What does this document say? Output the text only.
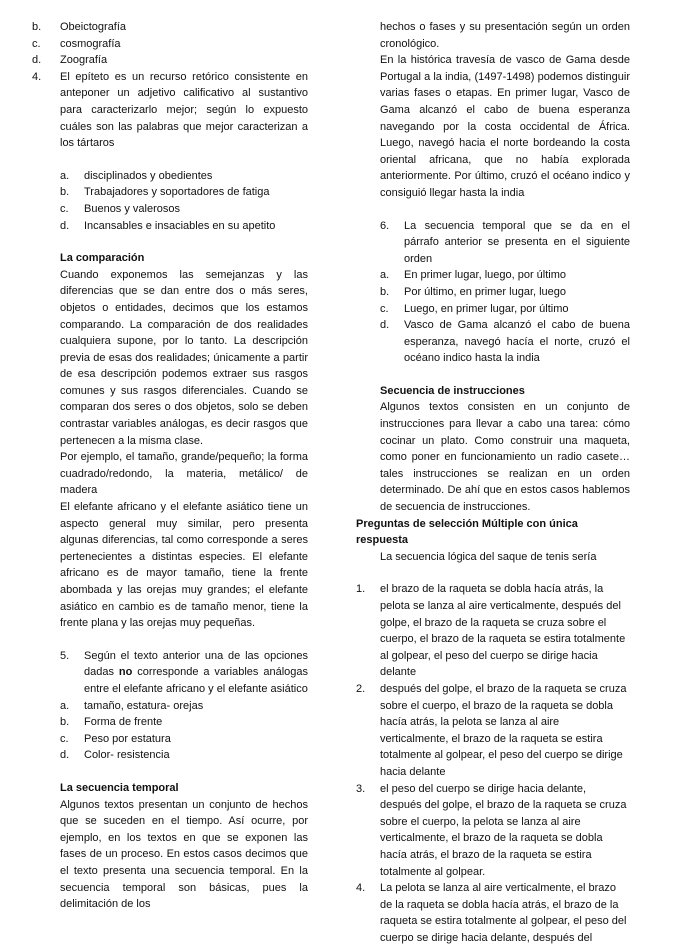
b. Obeictografía
c. cosmografía
d. Zoografía
4. El epíteto es un recurso retórico consistente en anteponer un adjetivo calificativo al sustantivo para caracterizarlo mejor; según lo expuesto cuáles son las palabras que mejor caracterizan a los tártaros
a. disciplinados y obedientes
b. Trabajadores y soportadores de fatiga
c. Buenos y valerosos
d. Incansables e insaciables en su apetito
La comparación

Cuando exponemos las semejanzas y las diferencias que se dan entre dos o más seres, objetos o entidades, decimos que los estamos comparando. La comparación de dos realidades cualquiera supone, por lo tanto. La descripción previa de esas dos realidades; únicamente a partir de esa descripción podemos extraer sus rasgos comunes y sus rasgos diferenciales. Cuando se comparan dos seres o dos objetos, solo se deben contrastar variables análogas, es decir rasgos que pertenecen a la misma clase.

Por ejemplo, el tamaño, grande/pequeño; la forma cuadrado/redondo, la materia, metálico/ de madera

El elefante africano y el elefante asiático tiene un aspecto general muy similar, pero presenta algunas diferencias, tal como corresponde a seres pertenecientes a distintas especies. El elefante africano es de mayor tamaño, tiene la frente abombada y las orejas muy grandes; el elefante asiático en cambio es de tamaño menor, tiene la frente plana y las orejas muy pequeñas.

5. Según el texto anterior una de las opciones dadas no corresponde a variables análogas entre el elefante africano y el elefante asiático
a. tamaño, estatura- orejas
b. Forma de frente
c. Peso por estatura
d. Color- resistencia
La secuencia temporal

Algunos textos presentan un conjunto de hechos que se suceden en el tiempo. Así ocurre, por ejemplo, en los textos en que se exponen las fases de un proceso. En estos casos decimos que el texto presenta una secuencia temporal. En la secuencia temporal son básicas, pues la delimitación de los

hechos o fases y su presentación según un orden cronológico.

En la histórica travesía de vasco de Gama desde Portugal a la india, (1497-1498) podemos distinguir varias fases o etapas. En primer lugar, Vasco de Gama alcanzó el cabo de buena esperanza navegando por la costa occidental de África. Luego, navegó hacia el norte bordeando la costa oriental africana, que no había explorada anteriormente. Por último, cruzó el océano indico y consiguió llegar hasta la india

6. La secuencia temporal que se da en el párrafo anterior se presenta en el siguiente orden
a. En primer lugar, luego, por último
b. Por último, en primer lugar, luego
c. Luego, en primer lugar, por último
d. Vasco de Gama alcanzó el cabo de buena esperanza, navegó hacía el norte, cruzó el océano indico hasta la india
Secuencia de instrucciones

Algunos textos consisten en un conjunto de instrucciones para llevar a cabo una tarea: cómo cocinar un plato. Como construir una maqueta, como poner en funcionamiento un radio casete… tales instrucciones se realizan en un orden determinado. De ahí que en estos casos hablemos de secuencia de instrucciones.

Preguntas de selección Múltiple con única respuesta

La secuencia lógica del saque de tenis sería

1. el brazo de la raqueta se dobla hacía atrás, la pelota se lanza al aire verticalmente, después del golpe, el brazo de la raqueta se cruza sobre el cuerpo, el brazo de la raqueta se estira totalmente al golpear, el peso del cuerpo se dirige hacia delante
2. después del golpe, el brazo de la raqueta se cruza sobre el cuerpo, el brazo de la raqueta se dobla hacía atrás, la pelota se lanza al aire verticalmente, el brazo de la raqueta se estira totalmente al golpear, el peso del cuerpo se dirige hacia delante
3. el peso del cuerpo se dirige hacia delante, después del golpe, el brazo de la raqueta se cruza sobre el cuerpo, la pelota se lanza al aire verticalmente, el brazo de la raqueta se dobla hacía atrás, el brazo de la raqueta se estira totalmente al golpear.
4. La pelota se lanza al aire verticalmente, el brazo de la raqueta se dobla hacía atrás, el brazo de la raqueta se estira totalmente al golpear, el peso del cuerpo se dirige hacia delante, después del
